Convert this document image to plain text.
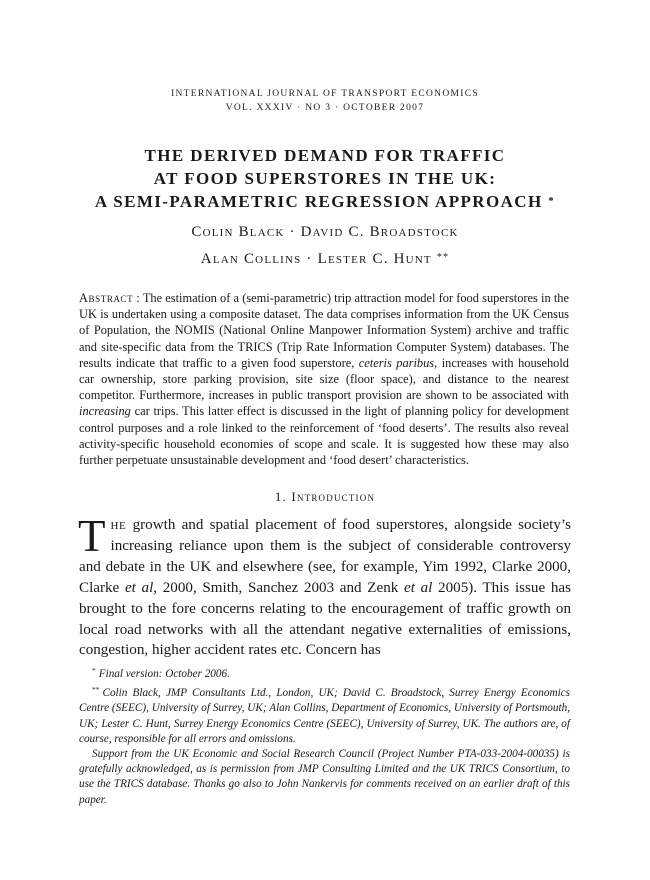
INTERNATIONAL JOURNAL OF TRANSPORT ECONOMICS
VOL. XXXIV · NO 3 · OCTOBER 2007
THE DERIVED DEMAND FOR TRAFFIC
AT FOOD SUPERSTORES IN THE UK:
A SEMI-PARAMETRIC REGRESSION APPROACH *
Colin Black · David C. Broadstock
Alan Collins · Lester C. Hunt **
Abstract : The estimation of a (semi-parametric) trip attraction model for food superstores in the UK is undertaken using a composite dataset. The data comprises information from the UK Census of Population, the NOMIS (National Online Manpower Information System) archive and traffic and site-specific data from the TRICS (Trip Rate Information Computer System) databases. The results indicate that traffic to a given food superstore, ceteris paribus, increases with household car ownership, store parking provision, site size (floor space), and distance to the nearest competitor. Furthermore, increases in public transport provision are shown to be associated with increasing car trips. This latter effect is discussed in the light of planning policy for development control purposes and a role linked to the reinforcement of ‘food deserts’. The results also reveal activity-specific household economies of scope and scale. It is suggested how these may also further perpetuate unsustainable development and ‘food desert’ characteristics.
1. Introduction
The growth and spatial placement of food superstores, alongside society’s increasing reliance upon them is the subject of considerable controversy and debate in the UK and elsewhere (see, for example, Yim 1992, Clarke 2000, Clarke et al, 2000, Smith, Sanchez 2003 and Zenk et al 2005). This issue has brought to the fore concerns relating to the encouragement of traffic growth on local road networks with all the attendant negative externalities of emissions, congestion, higher accident rates etc. Concern has

* Final version: October 2006.

** Colin Black, JMP Consultants Ltd., London, UK; David C. Broadstock, Surrey Energy Economics Centre (SEEC), University of Surrey, UK; Alan Collins, Department of Economics, University of Portsmouth, UK; Lester C. Hunt, Surrey Energy Economics Centre (SEEC), University of Surrey, UK. The authors are, of course, responsible for all errors and omissions.

Support from the UK Economic and Social Research Council (Project Number PTA-033-2004-00035) is gratefully acknowledged, as is permission from JMP Consulting Limited and the UK TRICS Consortium, to use the TRICS database. Thanks go also to John Nankervis for comments received on an earlier draft of this paper.
